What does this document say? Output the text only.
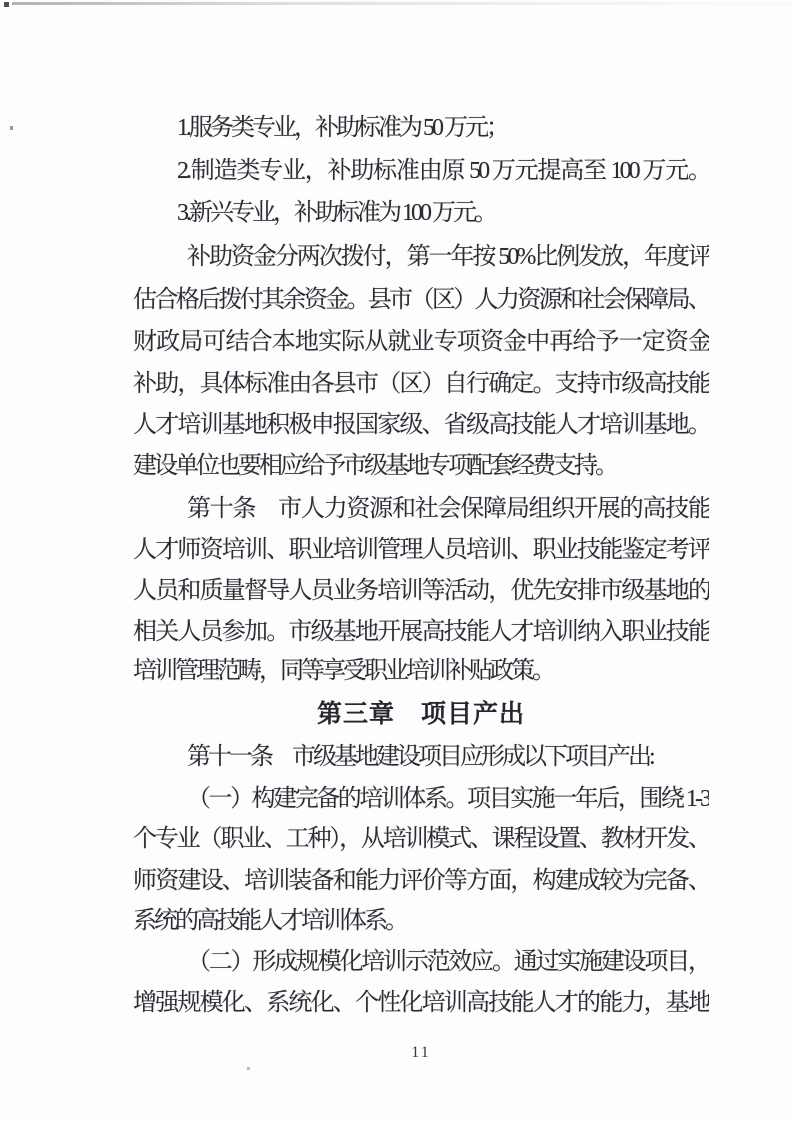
1.服务类专业，补助标准为 50 万元；
2.制造类专业，补助标准由原 50 万元提高至 100 万元。
3.新兴专业，补助标准为 100 万元。
补助资金分两次拨付，第一年按 50%比例发放，年度评
估合格后拨付其余资金。县市（区）人力资源和社会保障局、
财政局可结合本地实际从就业专项资金中再给予一定资金
补助，具体标准由各县市（区）自行确定。支持市级高技能
人才培训基地积极申报国家级、省级高技能人才培训基地。
建设单位也要相应给予市级基地专项配套经费支持。
第十条　市人力资源和社会保障局组织开展的高技能
人才师资培训、职业培训管理人员培训、职业技能鉴定考评
人员和质量督导人员业务培训等活动，优先安排市级基地的
相关人员参加。市级基地开展高技能人才培训纳入职业技能
培训管理范畴，同等享受职业培训补贴政策。
第三章　项目产出
第十一条　市级基地建设项目应形成以下项目产出:
（一）构建完备的培训体系。项目实施一年后，围绕 1-3
个专业（职业、工种），从培训模式、课程设置、教材开发、
师资建设、培训装备和能力评价等方面，构建成较为完备、
系统的高技能人才培训体系。
（二）形成规模化培训示范效应。通过实施建设项目，
增强规模化、系统化、个性化培训高技能人才的能力，基地
11
